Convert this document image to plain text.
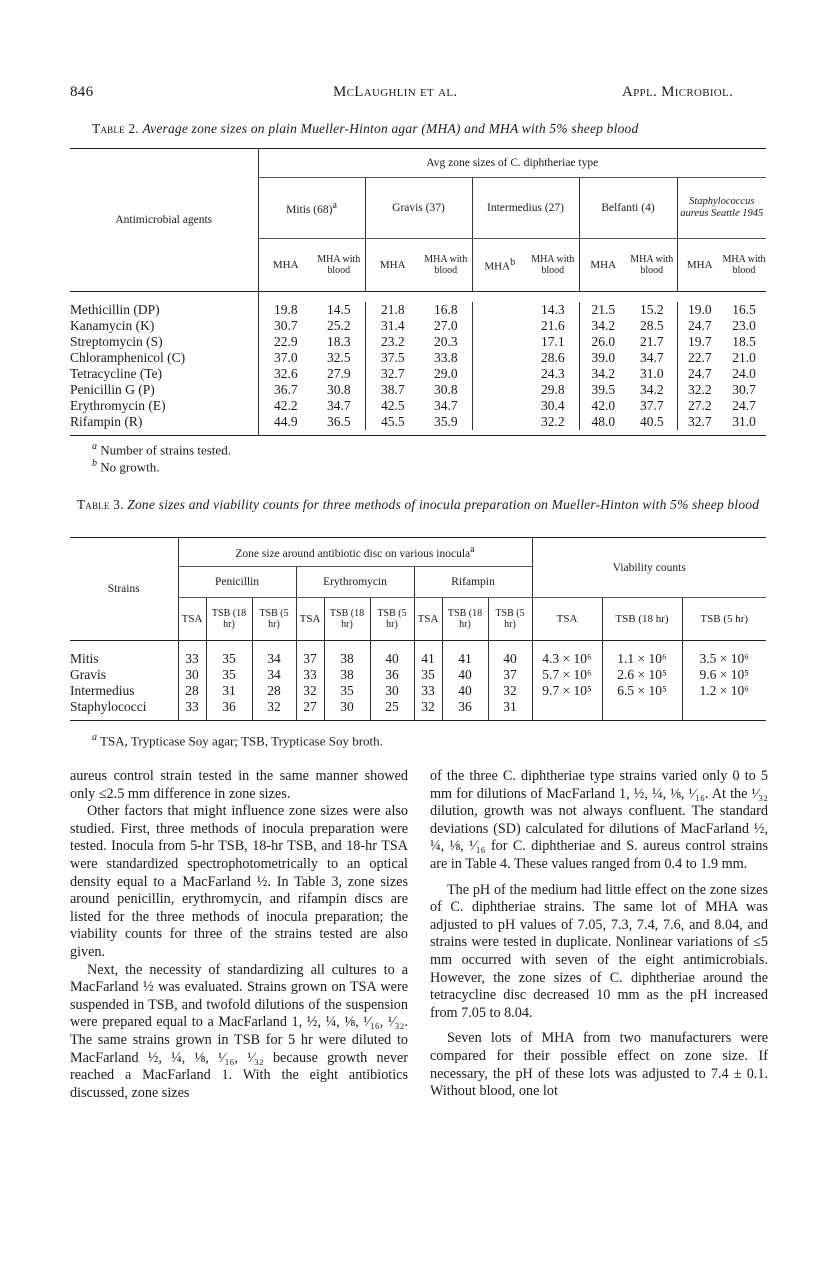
846	McLaughlin et al.	Appl. Microbiol.
Table 2. Average zone sizes on plain Mueller-Hinton agar (MHA) and MHA with 5% sheep blood
Antimicrobial agents	Avg zone sizes of C. diphtheriae type									
	Mitis $(68)^a$		Gravis (37)		Intermedius (27)		Belfanti (4)		Staphylococcus aureus Seattle 1945	
	MHA	MHA with blood	MHA	MHA with blood	MHA$^b$	MHA with blood	MHA	MHA with blood	MHA	MHA with blood

Methicillin (DP)	19.8	14.5	21.8	16.8		14.3	21.5	15.2	19.0	16.5
Kanamycin (K)	30.7	25.2	31.4	27.0		21.6	34.2	28.5	24.7	23.0
Streptomycin (S)	22.9	18.3	23.2	20.3		17.1	26.0	21.7	19.7	18.5
Chloramphenicol (C)	37.0	32.5	37.5	33.8		28.6	39.0	34.7	22.7	21.0
Tetracycline (Te)	32.6	27.9	32.7	29.0		24.3	34.2	31.0	24.7	24.0
Penicillin G (P)	36.7	30.8	38.7	30.8		29.8	39.5	34.2	32.2	30.7
Erythromycin (E)	42.2	34.7	42.5	34.7		30.4	42.0	37.7	27.2	24.7
Rifampin (R)	44.9	36.5	45.5	35.9		32.2	48.0	40.5	32.7	31.0

$^a$ Number of strains tested.
$^b$ No growth.
Table 3. Zone sizes and viability counts for three methods of inocula preparation on Mueller-Hinton with 5% sheep blood
Strains	Zone size around antibiotic disc on various inocula$^a$									Viability counts		
	Penicillin			Erythromycin			Rifampin					
	TSA	TSB (18 hr)	TSB (5 hr)	TSA	TSB (18 hr)	TSB (5 hr)	TSA	TSB (18 hr)	TSB (5 hr)	TSA	TSB (18 hr)	TSB (5 hr)

Mitis	33	35	34	37	38	40	41	41	40	4.3 × 10⁶	1.1 × 10⁶	3.5 × 10⁶
Gravis	30	35	34	33	38	36	35	40	37	5.7 × 10⁶	2.6 × 10⁵	9.6 × 10⁵
Intermedius	28	31	28	32	35	30	33	40	32	9.7 × 10⁵	6.5 × 10⁵	1.2 × 10⁶
Staphylococci	33	36	32	27	30	25	32	36	31			

$^a$ TSA, Trypticase Soy agar; TSB, Trypticase Soy broth.

aureus control strain tested in the same manner showed only ≤2.5 mm difference in zone sizes.

Other factors that might influence zone sizes were also studied. First, three methods of inocula preparation were tested. Inocula from 5-hr TSB, 18-hr TSB, and 18-hr TSA were standardized spectrophotometrically to an optical density equal to a MacFarland ½. In Table 3, zone sizes around penicillin, erythromycin, and rifampin discs are listed for the three methods of inocula preparation; the viability counts for three of the strains tested are also given.

Next, the necessity of standardizing all cultures to a MacFarland ½ was evaluated. Strains grown on TSA were suspended in TSB, and twofold dilutions of the suspension were prepared equal to a MacFarland 1, ½, ¼, ⅛, ¹⁄₁₆, ¹⁄₃₂. The same strains grown in TSB for 5 hr were diluted to MacFarland ½, ¼, ⅛, ¹⁄₁₆, ¹⁄₃₂ because growth never reached a MacFarland 1. With the eight antibiotics discussed, zone sizes

of the three C. diphtheriae type strains varied only 0 to 5 mm for dilutions of MacFarland 1, ½, ¼, ⅛, ¹⁄₁₆. At the ¹⁄₃₂ dilution, growth was not always confluent. The standard deviations (SD) calculated for dilutions of MacFarland ½, ¼, ⅛, ¹⁄₁₆ for C. diphtheriae and S. aureus control strains are in Table 4. These values ranged from 0.4 to 1.9 mm.

The pH of the medium had little effect on the zone sizes of C. diphtheriae strains. The same lot of MHA was adjusted to pH values of 7.05, 7.3, 7.4, 7.6, and 8.04, and strains were tested in duplicate. Nonlinear variations of ≤5 mm occurred with seven of the eight antimicrobials. However, the zone sizes of C. diphtheriae around the tetracycline disc decreased 10 mm as the pH increased from 7.05 to 8.04.

Seven lots of MHA from two manufacturers were compared for their possible effect on zone size. If necessary, the pH of these lots was adjusted to 7.4 ± 0.1. Without blood, one lot
